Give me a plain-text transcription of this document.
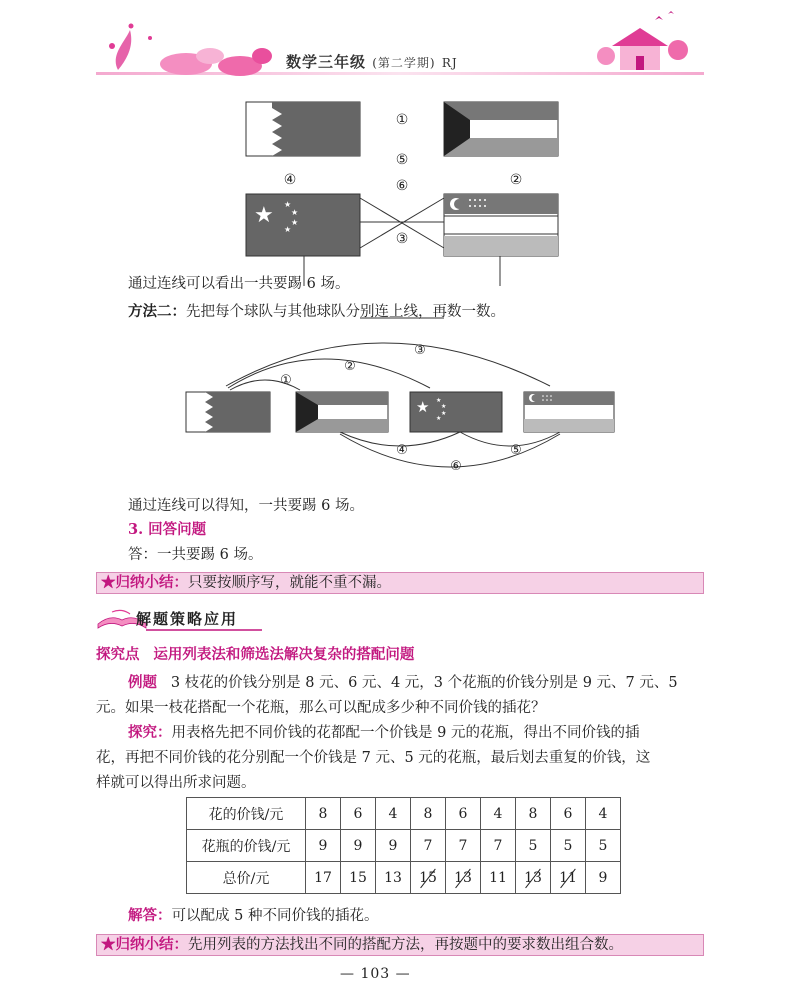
数学三年级 (第二学期) RJ
★ ★
★
★
★
①
②
③
④
⑤
⑥
通过连线可以看出一共要踢 6 场。
方法二：先把每个球队与其他球队分别连上线，再数一数。
★ ★
★
★
★
①
②
③
④	⑤
⑥
通过连线可以得知，一共要踢 6 场。
3. 回答问题
答：一共要踢 6 场。
★归纳小结：只要按顺序写，就能不重不漏。
解题策略应用
探究点 运用列表法和筛选法解决复杂的搭配问题
例题 3 枝花的价钱分别是 8 元、6 元、4 元，3 个花瓶的价钱分别是 9 元、7 元、5
元。如果一枝花搭配一个花瓶，那么可以配成多少种不同价钱的插花？
探究：用表格先把不同价钱的花都配一个价钱是 9 元的花瓶，得出不同价钱的插
花，再把不同价钱的花分别配一个价钱是 7 元、5 元的花瓶，最后划去重复的价钱，这
样就可以得出所求问题。
花的价钱/元	8	6	4	8	6	4	8	6	4
花瓶的价钱/元	9	9	9	7	7	7	5	5	5
总价/元	17	15	13	15	13	11	13	11	9
解答：可以配成 5 种不同价钱的插花。
★归纳小结：先用列表的方法找出不同的搭配方法，再按题中的要求数出组合数。
— 103 —
